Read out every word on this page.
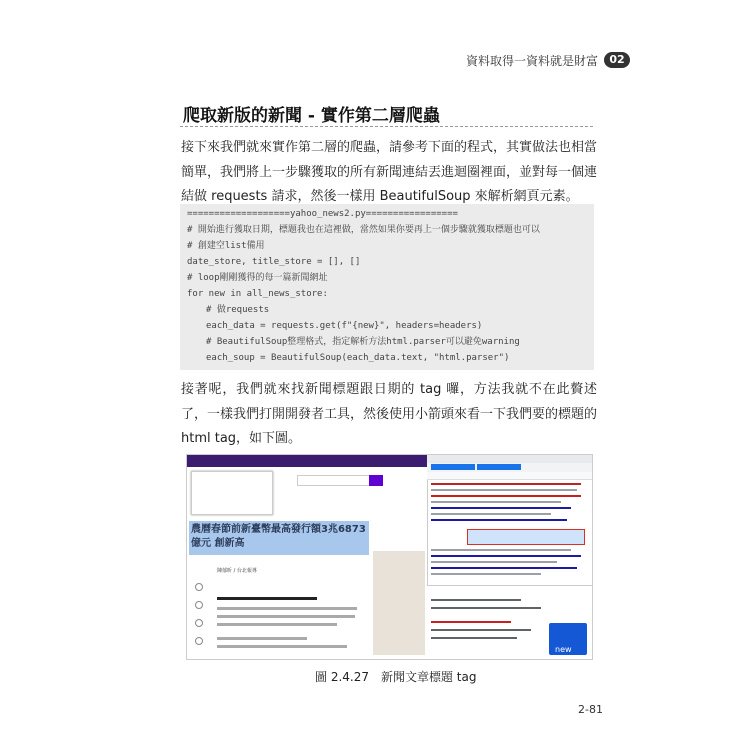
資料取得一資料就是財富	02
爬取新版的新聞 - 實作第二層爬蟲
接下來我們就來實作第二層的爬蟲，請參考下面的程式，其實做法也相當簡單，我們將上一步驟獲取的所有新聞連結丟進迴圈裡面，並對每一個連結做 requests 請求，然後一樣用 BeautifulSoup 來解析網頁元素。
===================yahoo_news2.py=================
# 開始進行獲取日期，標題我也在這裡做，當然如果你要再上一個步驟就獲取標題也可以
# 創建空list備用
date_store, title_store = [], []
# loop剛剛獲得的每一篇新聞網址
for new in all_news_store:
# 做requests
each_data = requests.get(f"{new}", headers=headers)
# BeautifulSoup整理格式，指定解析方法html.parser可以避免warning
each_soup = BeautifulSoup(each_data.text, "html.parser")
接著呢，我們就來找新聞標題跟日期的 tag 囉，方法我就不在此贅述了，一樣我們打開開發者工具，然後使用小箭頭來看一下我們要的標題的 html tag，如下圖。
農曆春節前新臺幣最高發行額3兆6873億元 創新高
陳郁昕 / 台北報導
new
圖 2.4.27　新聞文章標題 tag
2-81
